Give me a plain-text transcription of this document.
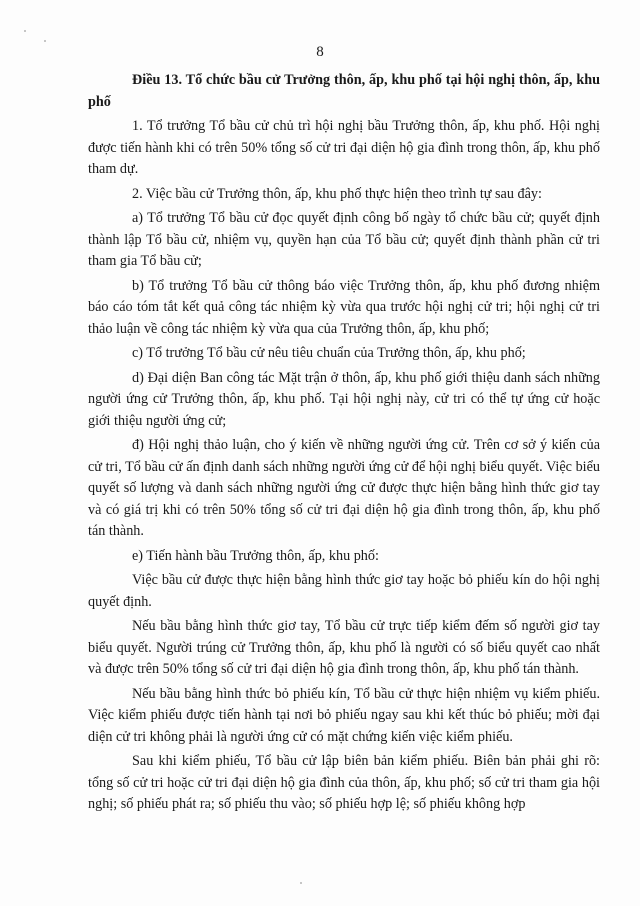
8

Điều 13. Tổ chức bầu cử Trưởng thôn, ấp, khu phố tại hội nghị thôn, ấp, khu phố

1. Tổ trưởng Tổ bầu cử chủ trì hội nghị bầu Trưởng thôn, ấp, khu phố. Hội nghị được tiến hành khi có trên 50% tổng số cử tri đại diện hộ gia đình trong thôn, ấp, khu phố tham dự.

2. Việc bầu cử Trưởng thôn, ấp, khu phố thực hiện theo trình tự sau đây:

a) Tổ trưởng Tổ bầu cử đọc quyết định công bố ngày tổ chức bầu cử; quyết định thành lập Tổ bầu cử, nhiệm vụ, quyền hạn của Tổ bầu cử; quyết định thành phần cử tri tham gia Tổ bầu cử;

b) Tổ trưởng Tổ bầu cử thông báo việc Trưởng thôn, ấp, khu phố đương nhiệm báo cáo tóm tắt kết quả công tác nhiệm kỳ vừa qua trước hội nghị cử tri; hội nghị cử tri thảo luận về công tác nhiệm kỳ vừa qua của Trưởng thôn, ấp, khu phố;

c) Tổ trưởng Tổ bầu cử nêu tiêu chuẩn của Trưởng thôn, ấp, khu phố;

d) Đại diện Ban công tác Mặt trận ở thôn, ấp, khu phố giới thiệu danh sách những người ứng cử Trưởng thôn, ấp, khu phố. Tại hội nghị này, cử tri có thể tự ứng cử hoặc giới thiệu người ứng cử;

đ) Hội nghị thảo luận, cho ý kiến về những người ứng cử. Trên cơ sở ý kiến của cử tri, Tổ bầu cử ấn định danh sách những người ứng cử để hội nghị biểu quyết. Việc biểu quyết số lượng và danh sách những người ứng cử được thực hiện bằng hình thức giơ tay và có giá trị khi có trên 50% tổng số cử tri đại diện hộ gia đình trong thôn, ấp, khu phố tán thành.

e) Tiến hành bầu Trưởng thôn, ấp, khu phố:

Việc bầu cử được thực hiện bằng hình thức giơ tay hoặc bỏ phiếu kín do hội nghị quyết định.

Nếu bầu bằng hình thức giơ tay, Tổ bầu cử trực tiếp kiểm đếm số người giơ tay biểu quyết. Người trúng cử Trưởng thôn, ấp, khu phố là người có số biểu quyết cao nhất và được trên 50% tổng số cử tri đại diện hộ gia đình trong thôn, ấp, khu phố tán thành.

Nếu bầu bằng hình thức bỏ phiếu kín, Tổ bầu cử thực hiện nhiệm vụ kiểm phiếu. Việc kiểm phiếu được tiến hành tại nơi bỏ phiếu ngay sau khi kết thúc bỏ phiếu; mời đại diện cử tri không phải là người ứng cử có mặt chứng kiến việc kiểm phiếu.

Sau khi kiểm phiếu, Tổ bầu cử lập biên bản kiểm phiếu. Biên bản phải ghi rõ: tổng số cử tri hoặc cử tri đại diện hộ gia đình của thôn, ấp, khu phố; số cử tri tham gia hội nghị; số phiếu phát ra; số phiếu thu vào; số phiếu hợp lệ; số phiếu không hợp
